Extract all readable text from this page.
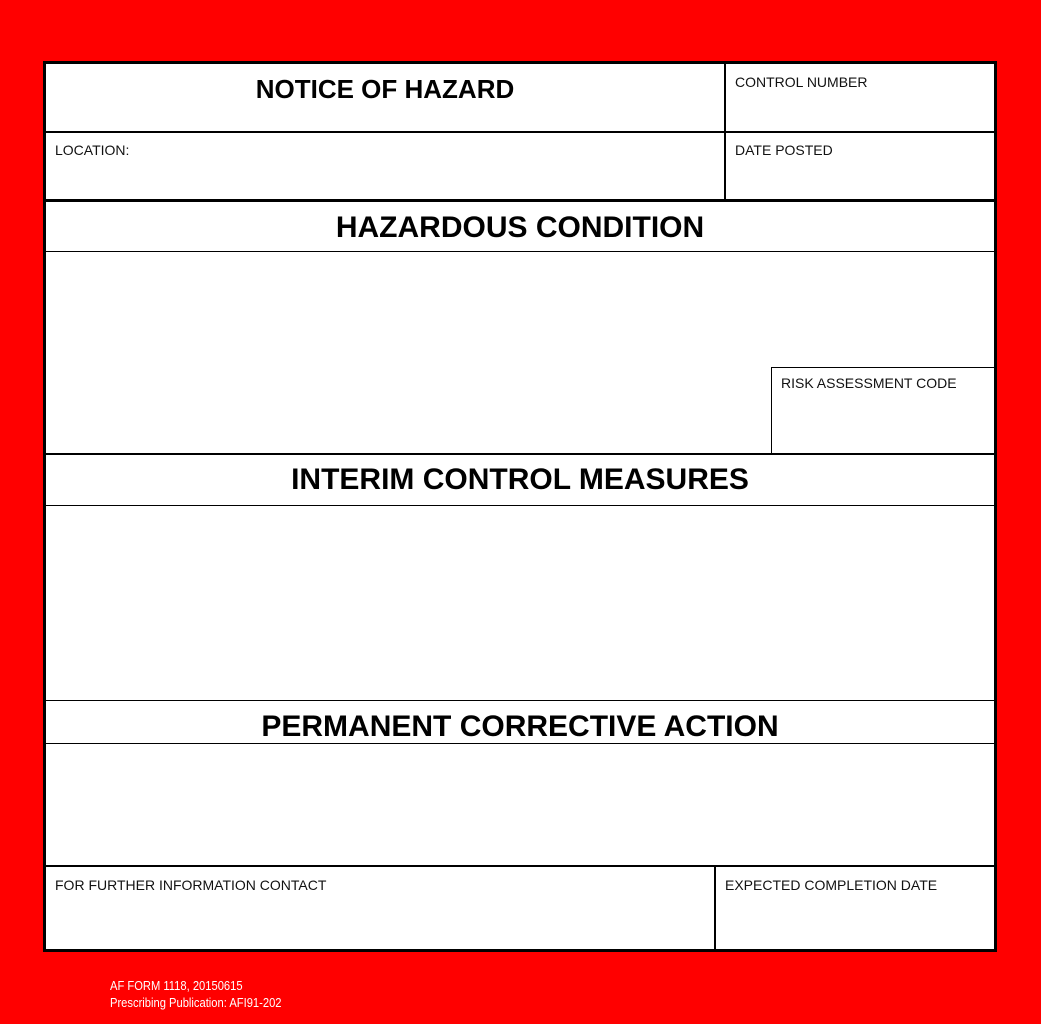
NOTICE OF HAZARD	CONTROL NUMBER
LOCATION:	DATE POSTED
HAZARDOUS CONDITION
RISK ASSESSMENT CODE
INTERIM CONTROL MEASURES
PERMANENT CORRECTIVE ACTION
FOR FURTHER INFORMATION CONTACT	EXPECTED COMPLETION DATE
AF FORM 1118, 20150615
Prescribing Publication: AFI91-202
